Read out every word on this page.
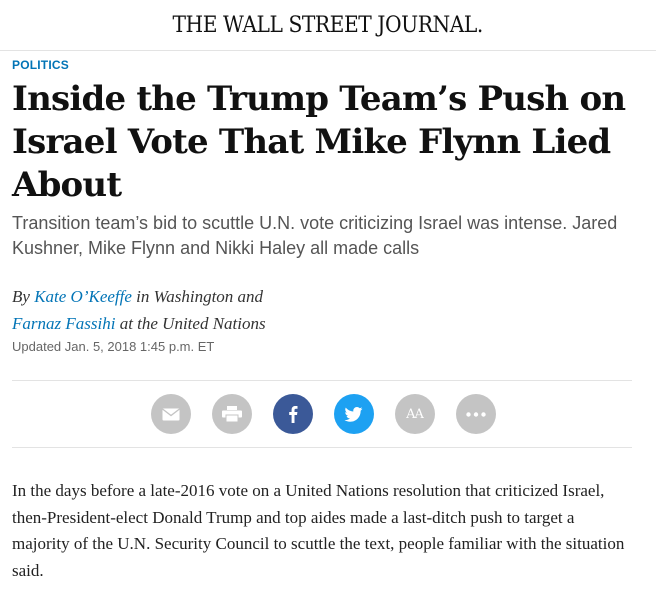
THE WALL STREET JOURNAL.
POLITICS
Inside the Trump Team’s Push on Israel Vote That Mike Flynn Lied About
Transition team’s bid to scuttle U.N. vote criticizing Israel was intense. Jared Kushner, Mike Flynn and Nikki Haley all made calls
By Kate O’Keeffe in Washington and
Farnaz Fassihi at the United Nations
Updated Jan. 5, 2018 1:45 p.m. ET
AA

In the days before a late-2016 vote on a United Nations resolution that criticized Israel, then-President-elect Donald Trump and top aides made a last-ditch push to target a majority of the U.N. Security Council to scuttle the text, people familiar with the situation said.
